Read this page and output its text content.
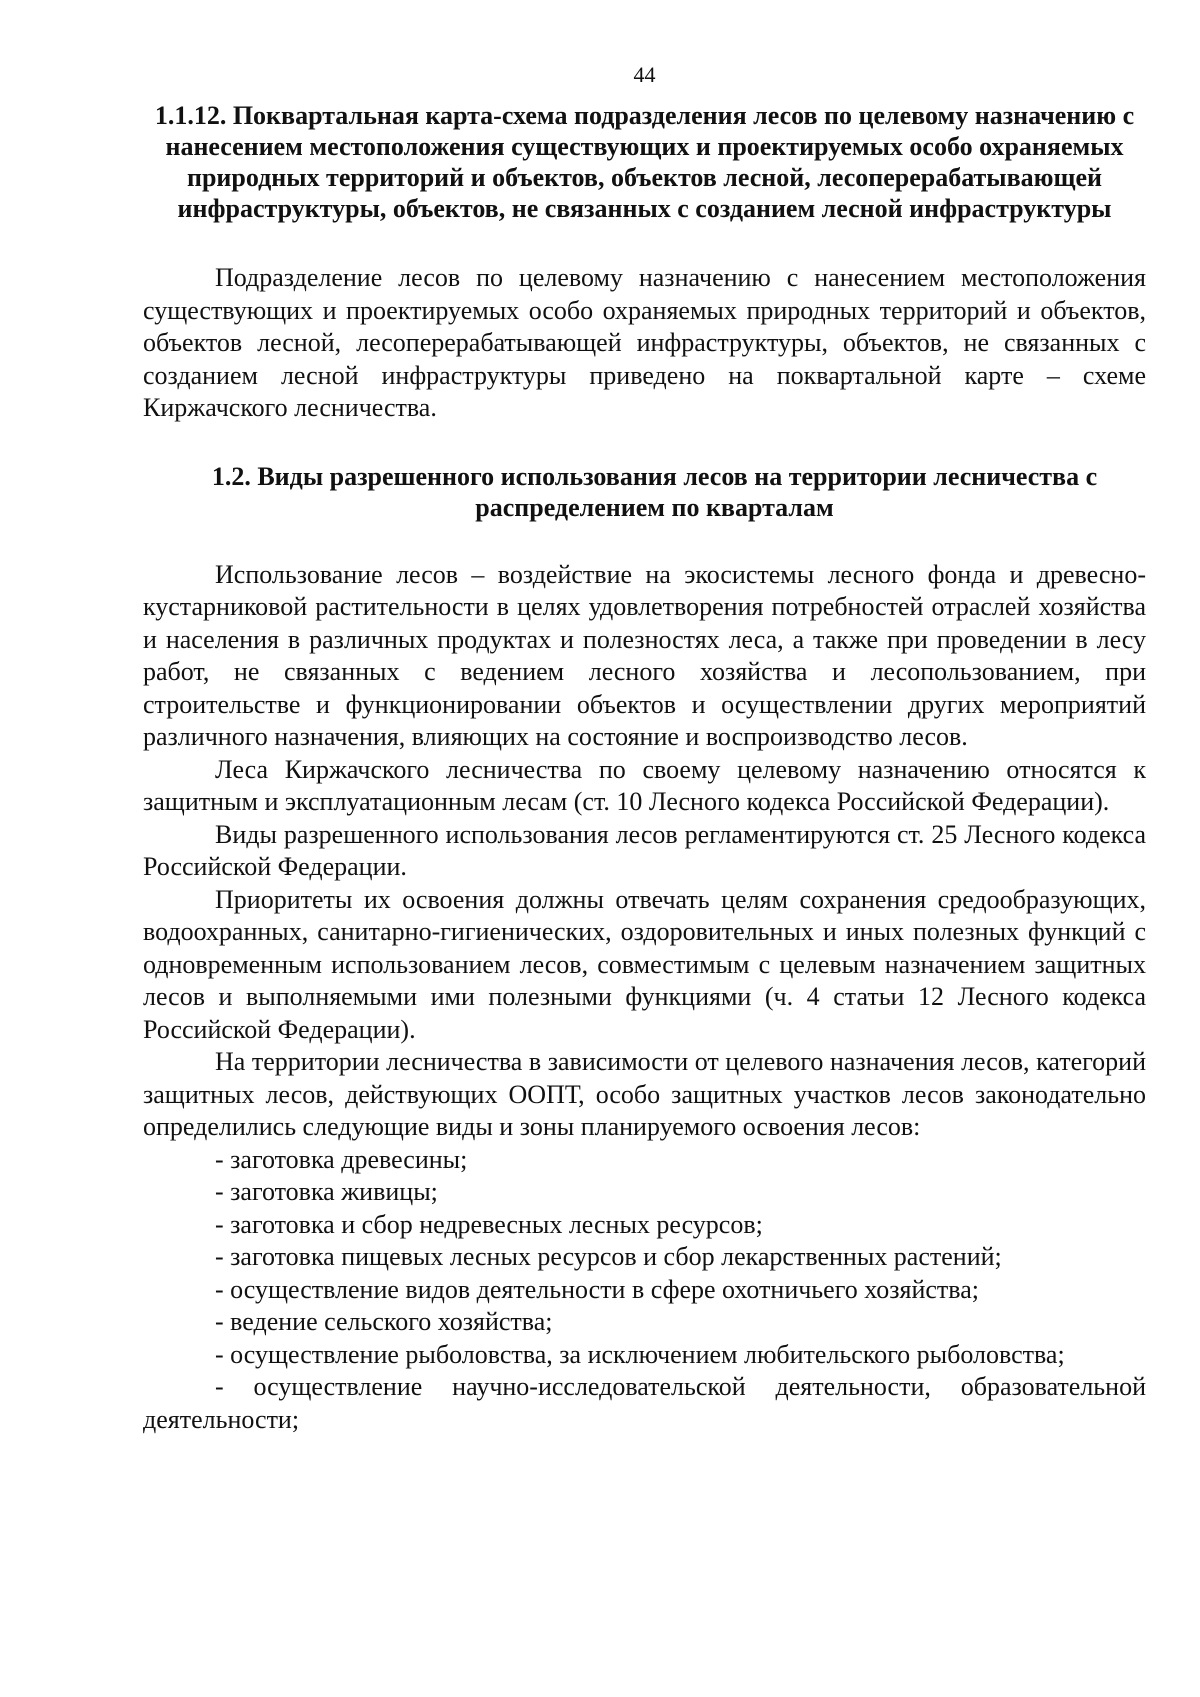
44
1.1.12. Поквартальная карта-схема подразделения лесов по целевому назначению с нанесением местоположения существующих и проектируемых особо охраняемых природных территорий и объектов, объектов лесной, лесоперерабатывающей инфраструктуры, объектов, не связанных с созданием лесной инфраструктуры

Подразделение лесов по целевому назначению с нанесением местоположения существующих и проектируемых особо охраняемых природных территорий и объектов, объектов лесной, лесоперерабатывающей инфраструктуры, объектов, не связанных с созданием лесной инфраструктуры приведено на поквартальной карте – схеме Киржачского лесничества.

1.2. Виды разрешенного использования лесов на территории лесничества с распределением по кварталам

Использование лесов – воздействие на экосистемы лесного фонда и древесно-кустарниковой растительности в целях удовлетворения потребностей отраслей хозяйства и населения в различных продуктах и полезностях леса, а также при проведении в лесу работ, не связанных с ведением лесного хозяйства и лесопользованием, при строительстве и функционировании объектов и осуществлении других мероприятий различного назначения, влияющих на состояние и воспроизводство лесов.

Леса Киржачского лесничества по своему целевому назначению относятся к защитным и эксплуатационным лесам (ст. 10 Лесного кодекса Российской Федерации).

Виды разрешенного использования лесов регламентируются ст. 25 Лесного кодекса Российской Федерации.

Приоритеты их освоения должны отвечать целям сохранения средообразующих, водоохранных, санитарно-гигиенических, оздоровительных и иных полезных функций с одновременным использованием лесов, совместимым с целевым назначением защитных лесов и выполняемыми ими полезными функциями (ч. 4 статьи 12 Лесного кодекса Российской Федерации).

На территории лесничества в зависимости от целевого назначения лесов, категорий защитных лесов, действующих ООПТ, особо защитных участков лесов законодательно определились следующие виды и зоны планируемого освоения лесов:

- заготовка древесины;
- заготовка живицы;
- заготовка и сбор недревесных лесных ресурсов;
- заготовка пищевых лесных ресурсов и сбор лекарственных растений;
- осуществление видов деятельности в сфере охотничьего хозяйства;
- ведение сельского хозяйства;
- осуществление рыболовства, за исключением любительского рыболовства;
- осуществление научно-исследовательской деятельности, образовательной деятельности;
